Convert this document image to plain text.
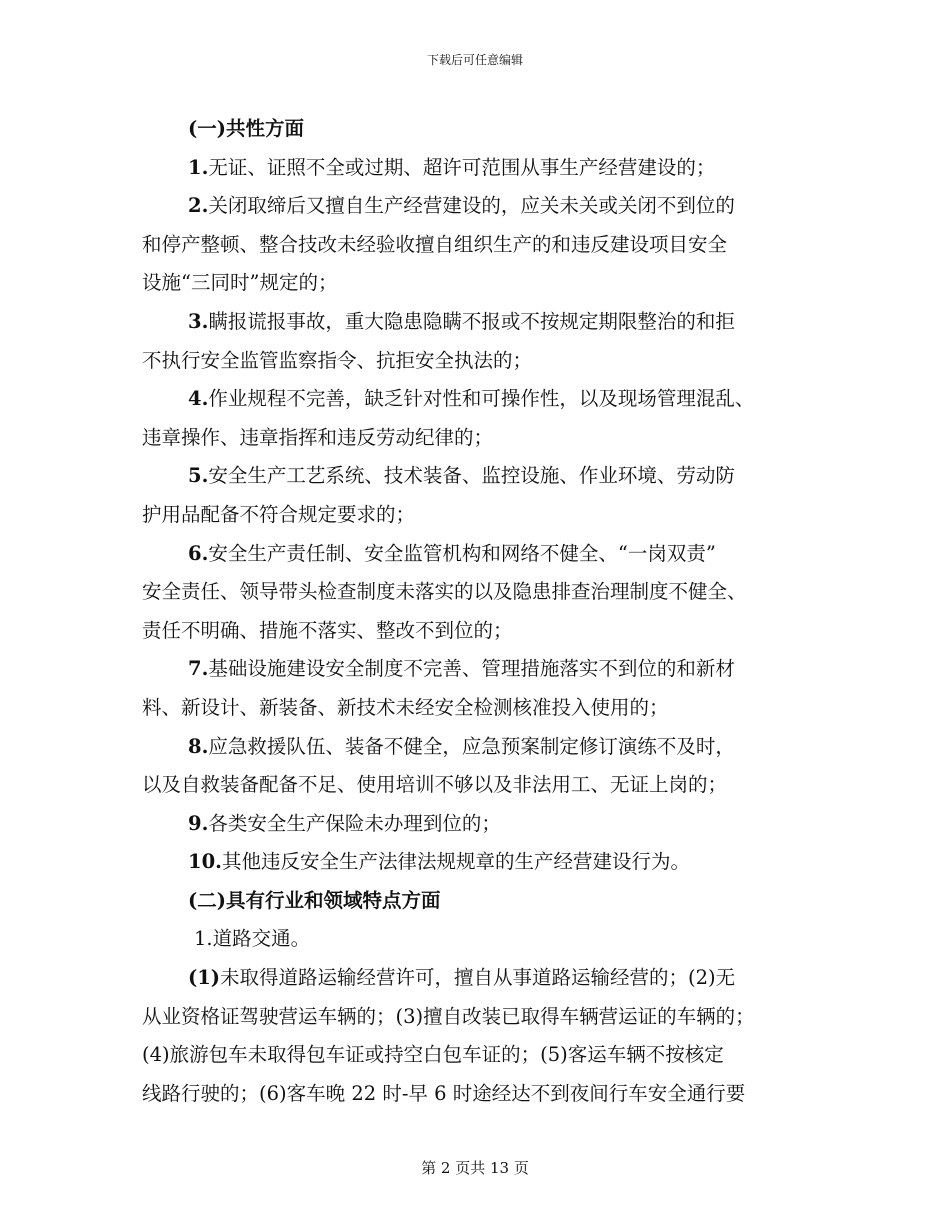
下载后可任意编辑
(一)共性方面
1.无证、证照不全或过期、超许可范围从事生产经营建设的；
2.关闭取缔后又擅自生产经营建设的，应关未关或关闭不到位的
和停产整顿、整合技改未经验收擅自组织生产的和违反建设项目安全
设施“三同时”规定的；
3.瞒报谎报事故，重大隐患隐瞒不报或不按规定期限整治的和拒
不执行安全监管监察指令、抗拒安全执法的；
4.作业规程不完善，缺乏针对性和可操作性，以及现场管理混乱、
违章操作、违章指挥和违反劳动纪律的；
5.安全生产工艺系统、技术装备、监控设施、作业环境、劳动防
护用品配备不符合规定要求的；
6.安全生产责任制、安全监管机构和网络不健全、“一岗双责”
安全责任、领导带头检查制度未落实的以及隐患排查治理制度不健全、
责任不明确、措施不落实、整改不到位的；
7.基础设施建设安全制度不完善、管理措施落实不到位的和新材
料、新设计、新装备、新技术未经安全检测核准投入使用的；
8.应急救援队伍、装备不健全，应急预案制定修订演练不及时，
以及自救装备配备不足、使用培训不够以及非法用工、无证上岗的；
9.各类安全生产保险未办理到位的；
10.其他违反安全生产法律法规规章的生产经营建设行为。
(二)具有行业和领域特点方面
1.道路交通。
(1)未取得道路运输经营许可，擅自从事道路运输经营的；(2)无
从业资格证驾驶营运车辆的；(3)擅自改装已取得车辆营运证的车辆的；
(4)旅游包车未取得包车证或持空白包车证的；(5)客运车辆不按核定
线路行驶的；(6)客车晚 22 时-早 6 时途经达不到夜间行车安全通行要
第 2 页共 13 页
